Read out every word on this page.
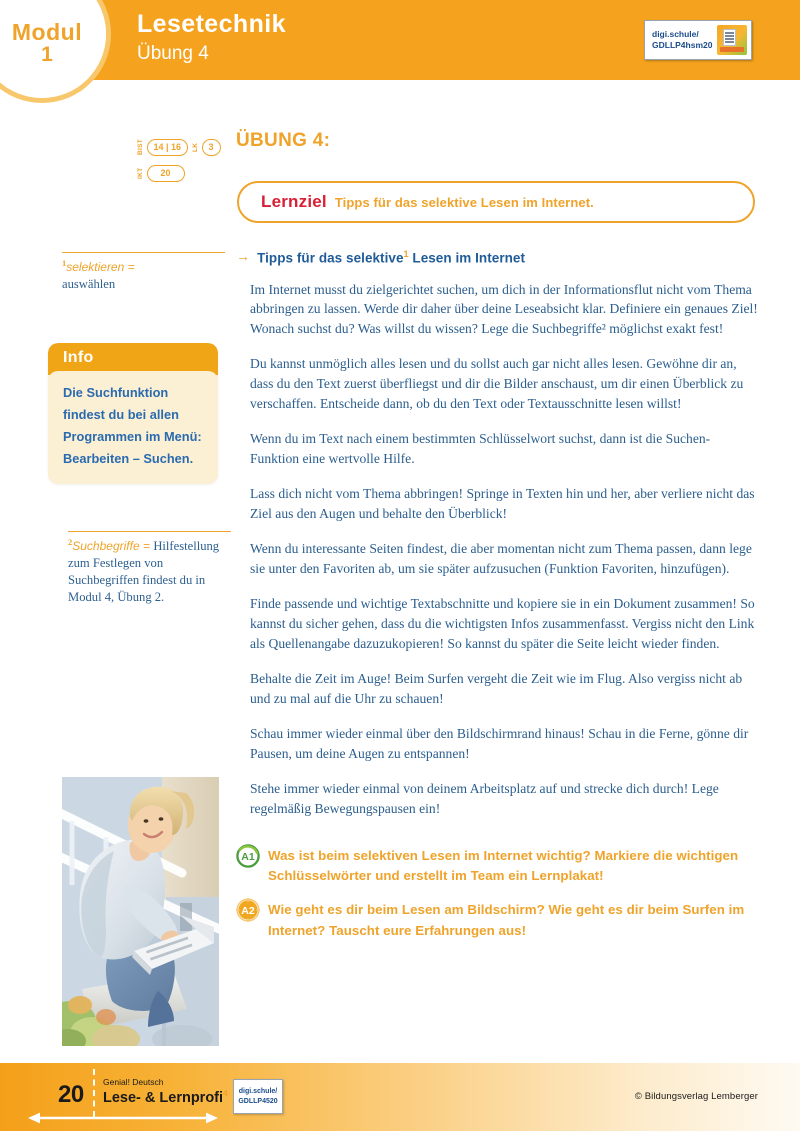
Modul
1
Lesetechnik
Übung 4
digi.schule/
GDLLP4hsm20
BIST	14 | 16	LK	3
IKT	20
ÜBUNG 4:
Lernziel Tipps für das selektive Lesen im Internet.
$^1$selektieren =
auswählen
Info
Die Suchfunktion findest du bei allen Programmen im Menü: Bearbeiten – Suchen.
$^2$Suchbegriffe = Hilfestellung zum Festlegen von Suchbegriffen findest du in Modul 4, Übung 2.
→ Tipps für das selektive$^1$ Lesen im Internet

Im Internet musst du zielgerichtet suchen, um dich in der Informationsflut nicht vom Thema abbringen zu lassen. Werde dir daher über deine Leseabsicht klar. Definiere ein genaues Ziel! Wonach suchst du? Was willst du wissen? Lege die Suchbegriffe² möglichst exakt fest!

Du kannst unmöglich alles lesen und du sollst auch gar nicht alles lesen. Gewöhne dir an, dass du den Text zuerst überfliegst und dir die Bilder anschaust, um dir einen Überblick zu verschaffen. Entscheide dann, ob du den Text oder Textausschnitte lesen willst!

Wenn du im Text nach einem bestimmten Schlüsselwort suchst, dann ist die Suchen-Funktion eine wertvolle Hilfe.

Lass dich nicht vom Thema abbringen! Springe in Texten hin und her, aber verliere nicht das Ziel aus den Augen und behalte den Überblick!

Wenn du interessante Seiten findest, die aber momentan nicht zum Thema passen, dann lege sie unter den Favoriten ab, um sie später aufzusuchen (Funktion Favoriten, hinzufügen).

Finde passende und wichtige Textabschnitte und kopiere sie in ein Dokument zusammen! So kannst du sicher gehen, dass du die wichtigsten Infos zusammenfasst. Vergiss nicht den Link als Quellenangabe dazuzukopieren! So kannst du später die Seite leicht wieder finden.

Behalte die Zeit im Auge! Beim Surfen vergeht die Zeit wie im Flug. Also vergiss nicht ab und zu mal auf die Uhr zu schauen!

Schau immer wieder einmal über den Bildschirmrand hinaus! Schau in die Ferne, gönne dir Pausen, um deine Augen zu entspannen!

Stehe immer wieder einmal von deinem Arbeitsplatz auf und strecke dich durch! Lege regelmäßig Bewegungspausen ein!

A1 Was ist beim selektiven Lesen im Internet wichtig? Markiere die wichtigen Schlüsselwörter und erstellt im Team ein Lernplakat!
A2 Wie geht es dir beim Lesen am Bildschirm? Wie geht es dir beim Surfen im Internet? Tauscht eure Erfahrungen aus!
20 Genial! Deutsch
Lese- & Lernprofi$^4$ digi.schule/
GDLLP4520	© Bildungsverlag Lemberger
